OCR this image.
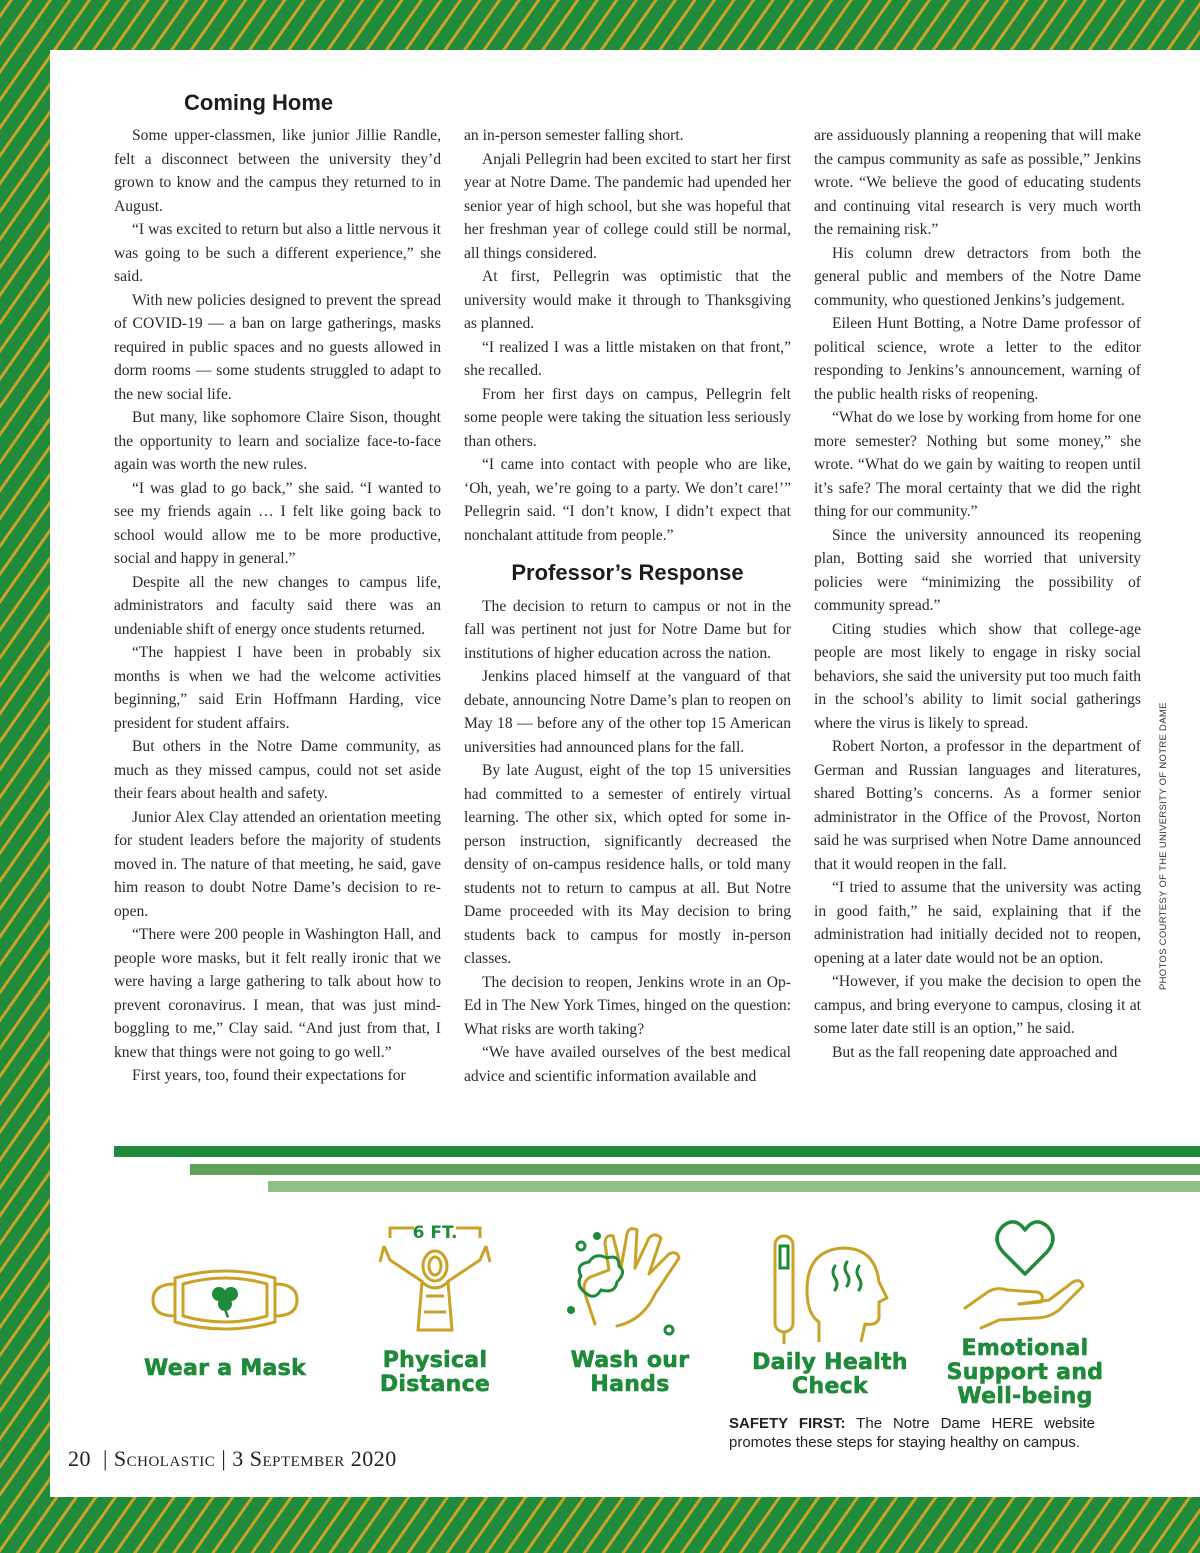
Coming Home

Some upper-classmen, like junior Jillie Randle, felt a disconnect between the university they’d grown to know and the campus they returned to in August.

“I was excited to return but also a little nervous it was going to be such a different experience,” she said.

With new policies designed to prevent the spread of COVID-19 — a ban on large gatherings, masks required in public spaces and no guests allowed in dorm rooms — some students struggled to adapt to the new social life.

But many, like sophomore Claire Sison, thought the opportunity to learn and socialize face-to-face again was worth the new rules.

“I was glad to go back,” she said. “I wanted to see my friends again … I felt like going back to school would allow me to be more productive, social and happy in general.”

Despite all the new changes to campus life, administrators and faculty said there was an undeniable shift of energy once students returned.

“The happiest I have been in probably six months is when we had the welcome activities beginning,” said Erin Hoffmann Harding, vice president for student affairs.

But others in the Notre Dame community, as much as they missed campus, could not set aside their fears about health and safety.

Junior Alex Clay attended an orientation meeting for student leaders before the majority of students moved in. The nature of that meeting, he said, gave him reason to doubt Notre Dame’s decision to re-open.

“There were 200 people in Washington Hall, and people wore masks, but it felt really ironic that we were having a large gathering to talk about how to prevent coronavirus. I mean, that was just mind-boggling to me,” Clay said. “And just from that, I knew that things were not going to go well.”

First years, too, found their expectations for

an in-person semester falling short.

Anjali Pellegrin had been excited to start her first year at Notre Dame. The pandemic had upended her senior year of high school, but she was hopeful that her freshman year of college could still be normal, all things considered.

At first, Pellegrin was optimistic that the university would make it through to Thanksgiving as planned.

“I realized I was a little mistaken on that front,” she recalled.

From her first days on campus, Pellegrin felt some people were taking the situation less seriously than others.

“I came into contact with people who are like, ‘Oh, yeah, we’re going to a party. We don’t care!’” Pellegrin said. “I don’t know, I didn’t expect that nonchalant attitude from people.”

Professor’s Response

The decision to return to campus or not in the fall was pertinent not just for Notre Dame but for institutions of higher education across the nation.

Jenkins placed himself at the vanguard of that debate, announcing Notre Dame’s plan to reopen on May 18 — before any of the other top 15 American universities had announced plans for the fall.

By late August, eight of the top 15 universities had committed to a semester of entirely virtual learning. The other six, which opted for some in-person instruction, significantly decreased the density of on-campus residence halls, or told many students not to return to campus at all. But Notre Dame proceeded with its May decision to bring students back to campus for mostly in-person classes.

The decision to reopen, Jenkins wrote in an Op-Ed in The New York Times, hinged on the question: What risks are worth taking?

“We have availed ourselves of the best medical advice and scientific information available and

are assiduously planning a reopening that will make the campus community as safe as possible,” Jenkins wrote. “We believe the good of educating students and continuing vital research is very much worth the remaining risk.”

His column drew detractors from both the general public and members of the Notre Dame community, who questioned Jenkins’s judgement.

Eileen Hunt Botting, a Notre Dame professor of political science, wrote a letter to the editor responding to Jenkins’s announcement, warning of the public health risks of reopening.

“What do we lose by working from home for one more semester? Nothing but some money,” she wrote. “What do we gain by waiting to reopen until it’s safe? The moral certainty that we did the right thing for our community.”

Since the university announced its reopening plan, Botting said she worried that university policies were “minimizing the possibility of community spread.”

Citing studies which show that college-age people are most likely to engage in risky social behaviors, she said the university put too much faith in the school’s ability to limit social gatherings where the virus is likely to spread.

Robert Norton, a professor in the department of German and Russian languages and literatures, shared Botting’s concerns. As a former senior administrator in the Office of the Provost, Norton said he was surprised when Notre Dame announced that it would reopen in the fall.

“I tried to assume that the university was acting in good faith,” he said, explaining that if the administration had initially decided not to reopen, opening at a later date would not be an option.

“However, if you make the decision to open the campus, and bring everyone to campus, closing it at some later date still is an option,” he said.

But as the fall reopening date approached and

PHOTOS COURTESY OF THE UNIVERSITY OF NOTRE DAME
Wear a Mask
6 FT.
Physical
Distance
Wash our
Hands
Daily Health
Check
Emotional
Support and
Well-being
SAFETY FIRST: The Notre Dame HERE website promotes these steps for staying healthy on campus.
20  | Scholastic | 3 September 2020
